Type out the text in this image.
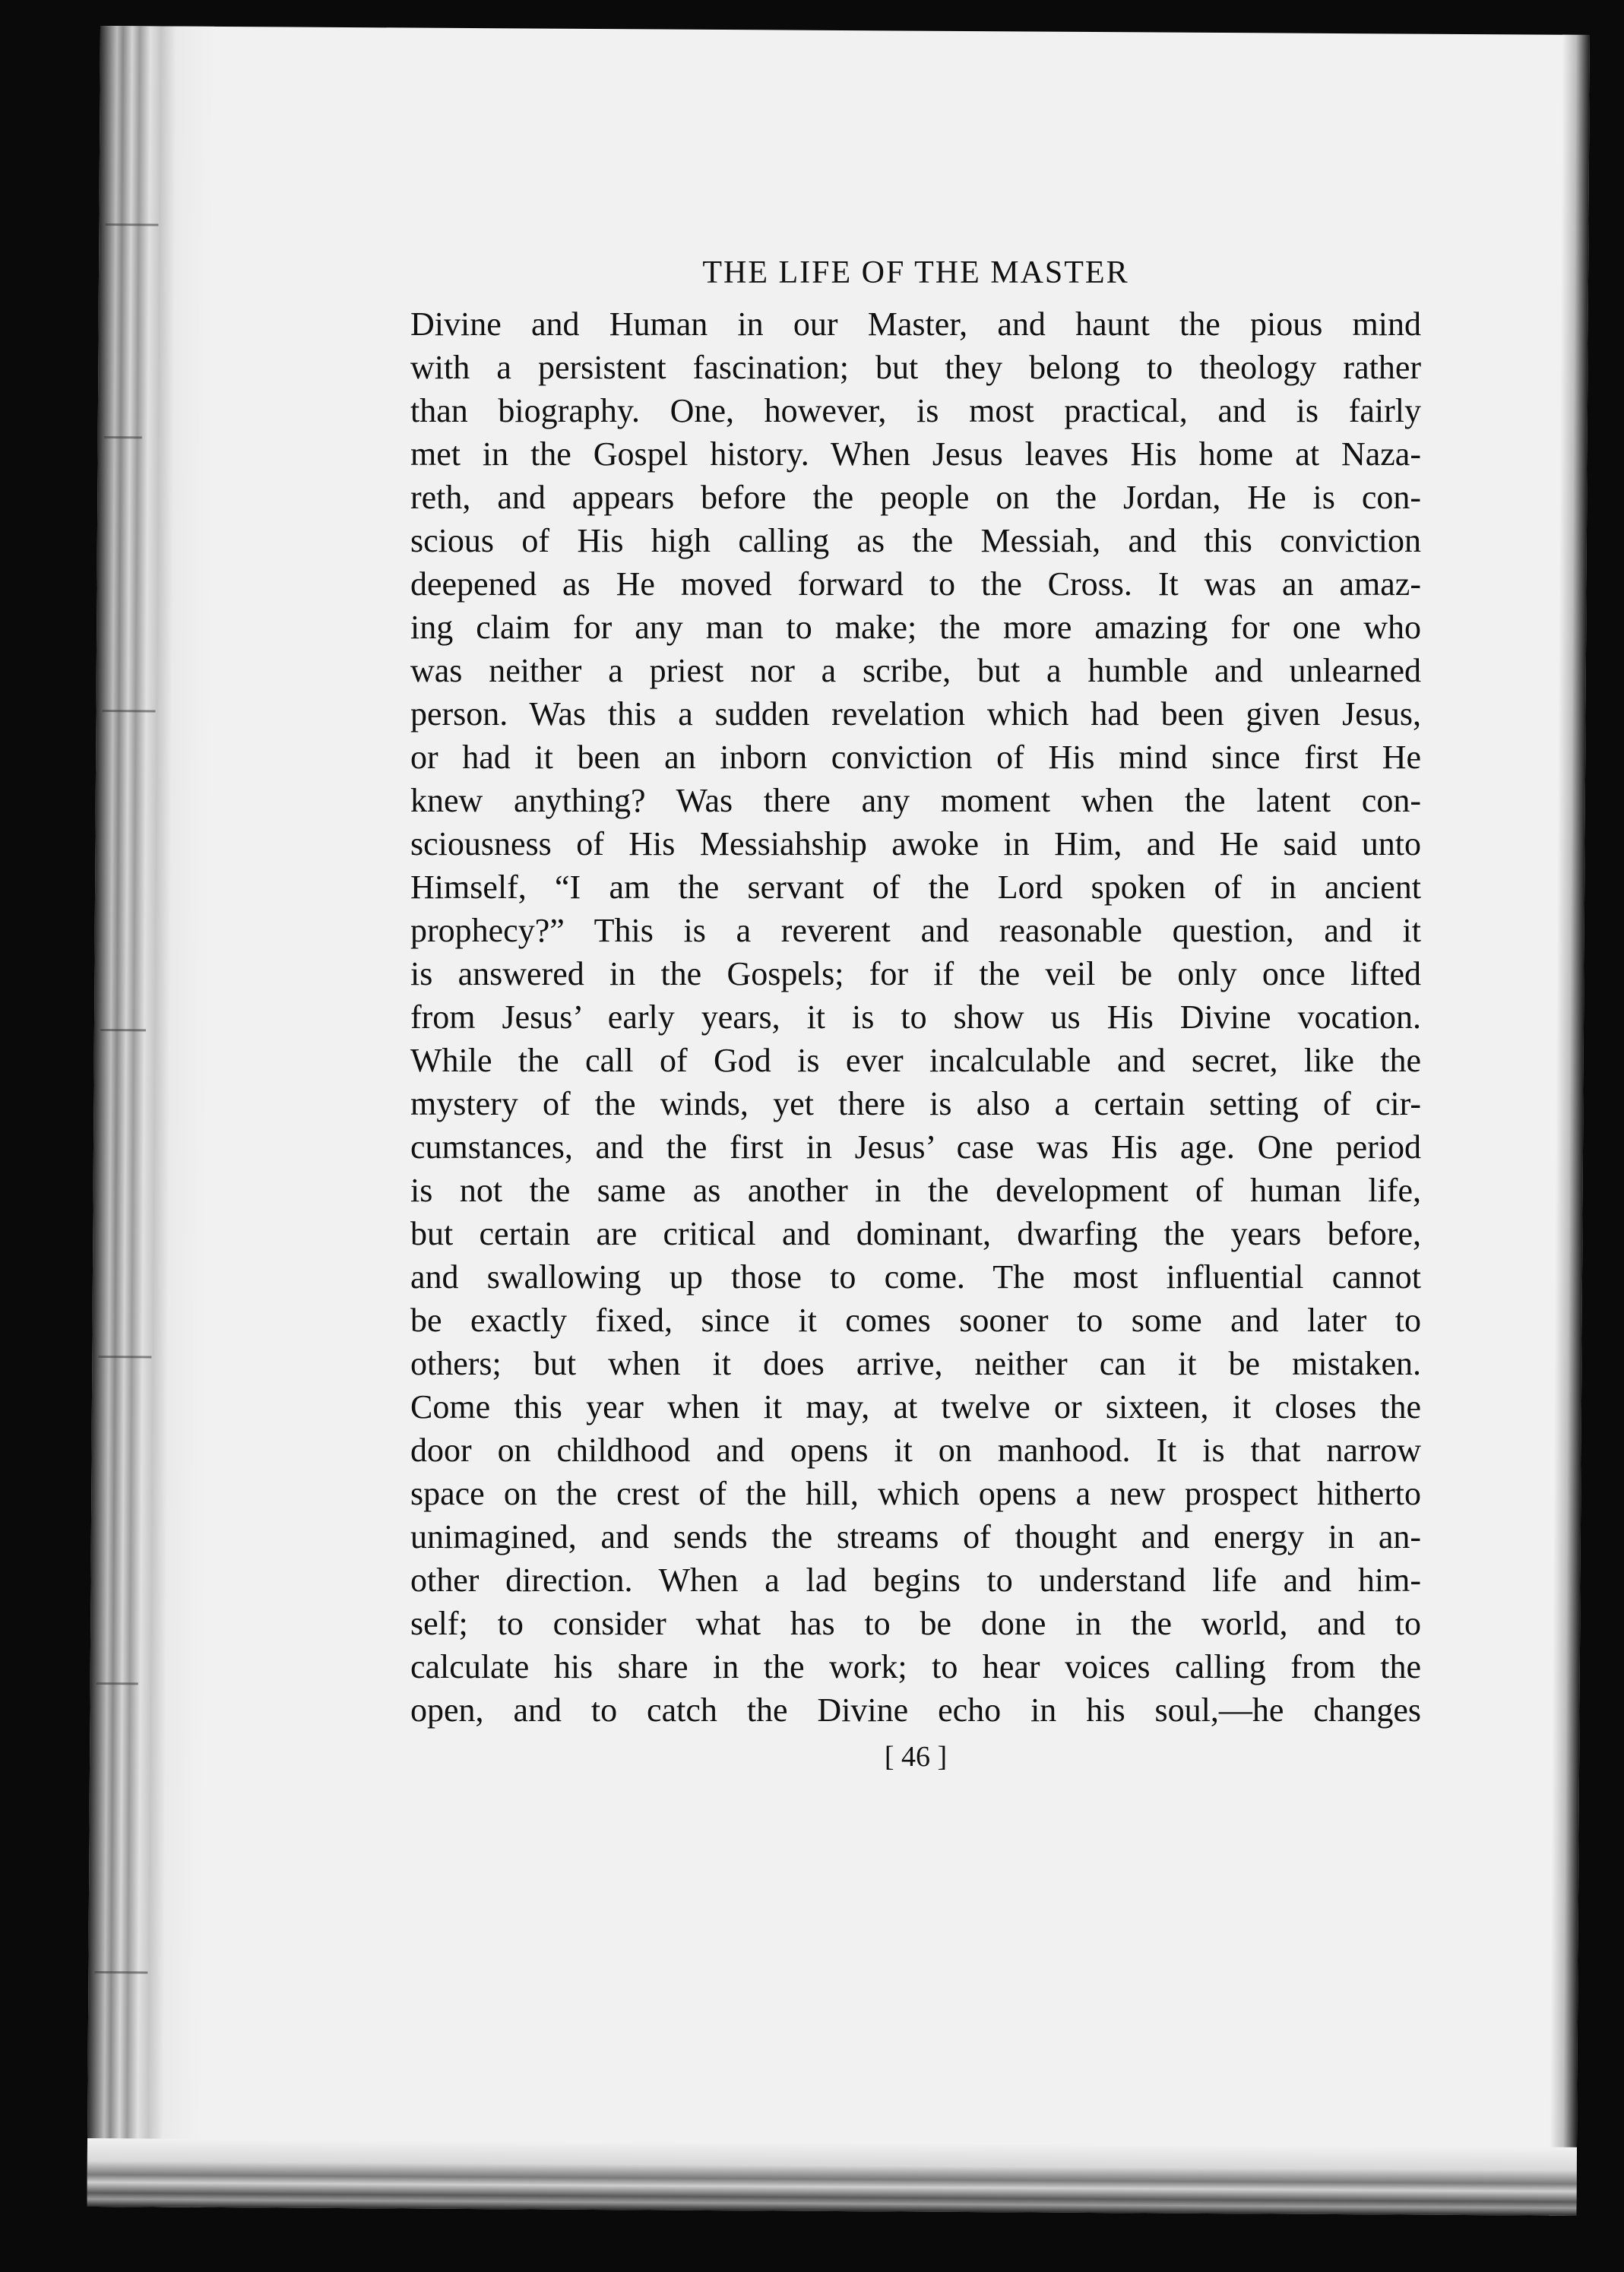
THE LIFE OF THE MASTER
Divine and Human in our Master, and haunt the pious mind
with a persistent fascination; but they belong to theology rather
than biography. One, however, is most practical, and is fairly
met in the Gospel history. When Jesus leaves His home at Naza-
reth, and appears before the people on the Jordan, He is con-
scious of His high calling as the Messiah, and this conviction
deepened as He moved forward to the Cross. It was an amaz-
ing claim for any man to make; the more amazing for one who
was neither a priest nor a scribe, but a humble and unlearned
person. Was this a sudden revelation which had been given Jesus,
or had it been an inborn conviction of His mind since first He
knew anything? Was there any moment when the latent con-
sciousness of His Messiahship awoke in Him, and He said unto
Himself, “I am the servant of the Lord spoken of in ancient
prophecy?” This is a reverent and reasonable question, and it
is answered in the Gospels; for if the veil be only once lifted
from Jesus’ early years, it is to show us His Divine vocation.
While the call of God is ever incalculable and secret, like the
mystery of the winds, yet there is also a certain setting of cir-
cumstances, and the first in Jesus’ case was His age. One period
is not the same as another in the development of human life,
but certain are critical and dominant, dwarfing the years before,
and swallowing up those to come. The most influential cannot
be exactly fixed, since it comes sooner to some and later to
others; but when it does arrive, neither can it be mistaken.
Come this year when it may, at twelve or sixteen, it closes the
door on childhood and opens it on manhood. It is that narrow
space on the crest of the hill, which opens a new prospect hitherto
unimagined, and sends the streams of thought and energy in an-
other direction. When a lad begins to understand life and him-
self; to consider what has to be done in the world, and to
calculate his share in the work; to hear voices calling from the
open, and to catch the Divine echo in his soul,—he changes
[ 46 ]
